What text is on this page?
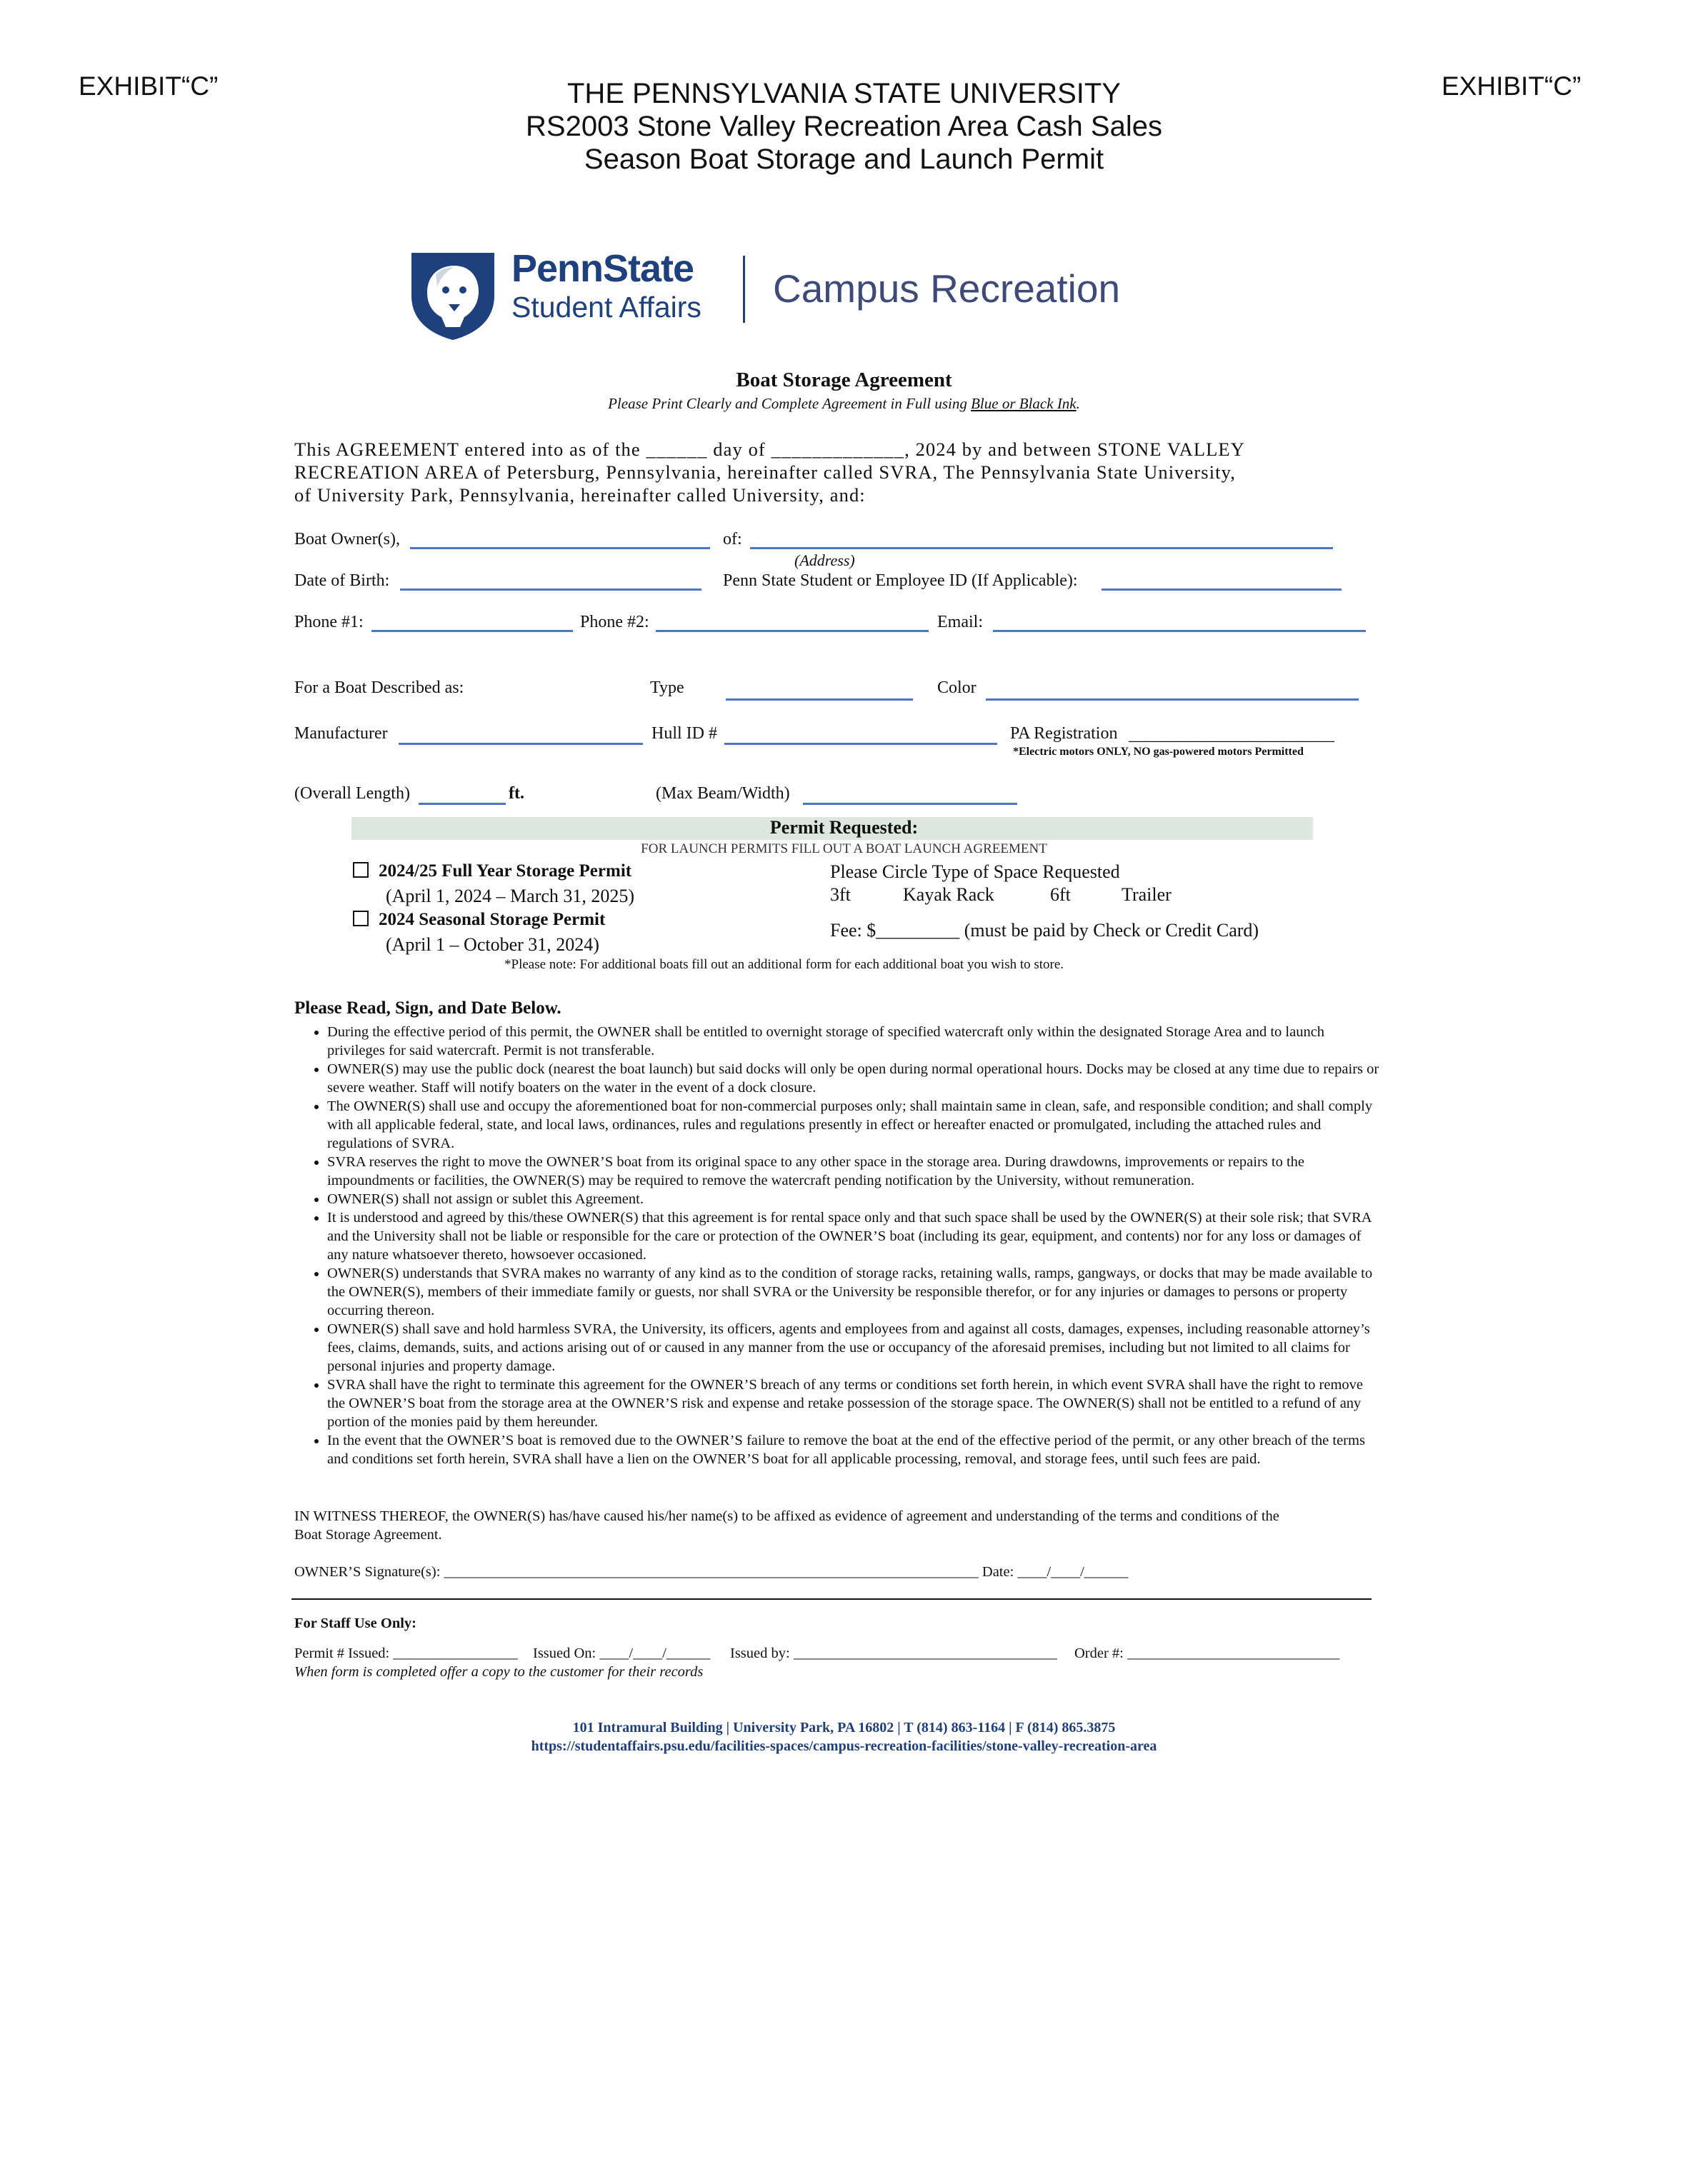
EXHIBIT“C”	EXHIBIT“C”
THE PENNSYLVANIA STATE UNIVERSITY
RS2003 Stone Valley Recreation Area Cash Sales
Season Boat Storage and Launch Permit
PennState
Student Affairs Campus Recreation
Boat Storage Agreement
Please Print Clearly and Complete Agreement in Full using Blue or Black Ink.
This AGREEMENT entered into as of the ______ day of _____________, 2024 by and between STONE VALLEY
RECREATION AREA of Petersburg, Pennsylvania, hereinafter called SVRA, The Pennsylvania State University,
of University Park, Pennsylvania, hereinafter called University, and:
Boat Owner(s),	of:
(Address)
Date of Birth:	Penn State Student or Employee ID (If Applicable):
Phone #1:	Phone #2:	Email:
For a Boat Described as:	Type	Color
Manufacturer	Hull ID #	PA Registration ________________________
*Electric motors ONLY, NO gas-powered motors Permitted
(Overall Length)	ft.	(Max Beam/Width)
Permit Requested:
FOR LAUNCH PERMITS FILL OUT A BOAT LAUNCH AGREEMENT
2024/25 Full Year Storage Permit
(April 1, 2024 – March 31, 2025)
2024 Seasonal Storage Permit
(April 1 – October 31, 2024)
Please Circle Type of Space Requested
3ft	Kayak Rack	6ft	Trailer
Fee: $_________ (must be paid by Check or Credit Card)
*Please note: For additional boats fill out an additional form for each additional boat you wish to store.
Please Read, Sign, and Date Below.
• During the effective period of this permit, the OWNER shall be entitled to overnight storage of specified watercraft only within the designated Storage Area and to launch privileges for said watercraft. Permit is not transferable.
• OWNER(S) may use the public dock (nearest the boat launch) but said docks will only be open during normal operational hours. Docks may be closed at any time due to repairs or severe weather. Staff will notify boaters on the water in the event of a dock closure.
• The OWNER(S) shall use and occupy the aforementioned boat for non-commercial purposes only; shall maintain same in clean, safe, and responsible condition; and shall comply with all applicable federal, state, and local laws, ordinances, rules and regulations presently in effect or hereafter enacted or promulgated, including the attached rules and regulations of SVRA.
• SVRA reserves the right to move the OWNER’S boat from its original space to any other space in the storage area. During drawdowns, improvements or repairs to the impoundments or facilities, the OWNER(S) may be required to remove the watercraft pending notification by the University, without remuneration.
• OWNER(S) shall not assign or sublet this Agreement.
• It is understood and agreed by this/these OWNER(S) that this agreement is for rental space only and that such space shall be used by the OWNER(S) at their sole risk; that SVRA and the University shall not be liable or responsible for the care or protection of the OWNER’S boat (including its gear, equipment, and contents) nor for any loss or damages of any nature whatsoever thereto, howsoever occasioned.
• OWNER(S) understands that SVRA makes no warranty of any kind as to the condition of storage racks, retaining walls, ramps, gangways, or docks that may be made available to the OWNER(S), members of their immediate family or guests, nor shall SVRA or the University be responsible therefor, or for any injuries or damages to persons or property occurring thereon.
• OWNER(S) shall save and hold harmless SVRA, the University, its officers, agents and employees from and against all costs, damages, expenses, including reasonable attorney’s fees, claims, demands, suits, and actions arising out of or caused in any manner from the use or occupancy of the aforesaid premises, including but not limited to all claims for personal injuries and property damage.
• SVRA shall have the right to terminate this agreement for the OWNER’S breach of any terms or conditions set forth herein, in which event SVRA shall have the right to remove the OWNER’S boat from the storage area at the OWNER’S risk and expense and retake possession of the storage space. The OWNER(S) shall not be entitled to a refund of any portion of the monies paid by them hereunder.
• In the event that the OWNER’S boat is removed due to the OWNER’S failure to remove the boat at the end of the effective period of the permit, or any other breach of the terms and conditions set forth herein, SVRA shall have a lien on the OWNER’S boat for all applicable processing, removal, and storage fees, until such fees are paid.
IN WITNESS THEREOF, the OWNER(S) has/have caused his/her name(s) to be affixed as evidence of agreement and understanding of the terms and conditions of the
Boat Storage Agreement.
OWNER’S Signature(s): _________________________________________________________________________ Date: ____/____/______
For Staff Use Only:
Permit # Issued: _________________ Issued On: ____/____/______ Issued by: ____________________________________ Order #: _____________________________
When form is completed offer a copy to the customer for their records
101 Intramural Building | University Park, PA 16802 | T (814) 863-1164 | F (814) 865.3875
https://studentaffairs.psu.edu/facilities-spaces/campus-recreation-facilities/stone-valley-recreation-area
